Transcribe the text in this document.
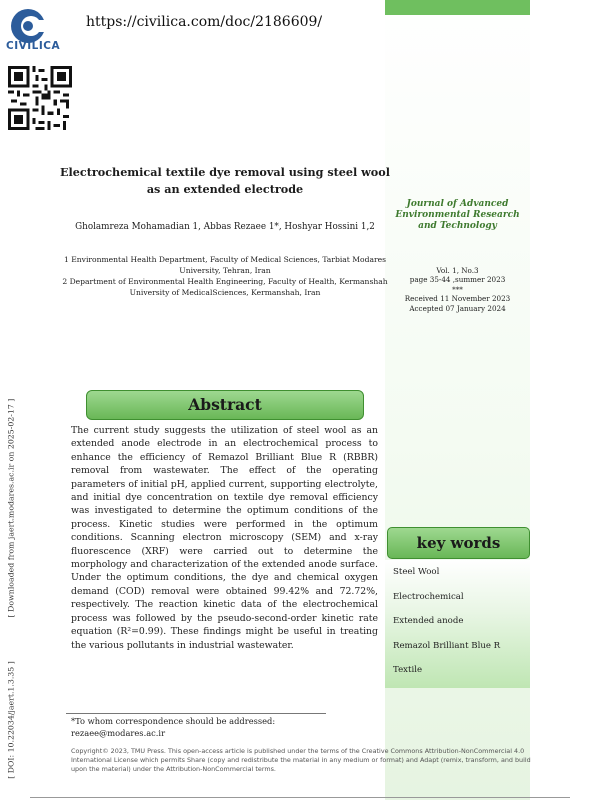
CIVILICA
https://civilica.com/doc/2186609/
Electrochemical textile dye removal using steel wool as an extended electrode
Gholamreza Mohamadian 1, Abbas Rezaee 1*, Hoshyar Hossini 1,2
1 Environmental Health Department, Faculty of Medical Sciences, Tarbiat Modares University, Tehran, Iran
2 Department of Environmental Health Engineering, Faculty of Health, Kermanshah University of MedicalSciences, Kermanshah, Iran
Journal of Advanced Environmental Research and Technology
Vol. 1, No.3
page 35-44 ,summer 2023
***
Received 11 November 2023
Accepted 07 January 2024
Abstract
The current study suggests the utilization of steel wool as an extended anode electrode in an electrochemical process to enhance the efficiency of Remazol Brilliant Blue R (RBBR) removal from wastewater. The effect of the operating parameters of initial pH, applied current, supporting electrolyte, and initial dye concentration on textile dye removal efficiency was investigated to determine the optimum conditions of the process. Kinetic studies were performed in the optimum conditions. Scanning electron microscopy (SEM) and x-ray fluorescence (XRF) were carried out to determine the morphology and characterization of the extended anode surface. Under the optimum conditions, the dye and chemical oxygen demand (COD) removal were obtained 99.42% and 72.72%, respectively. The reaction kinetic data of the electrochemical process was followed by the pseudo-second-order kinetic rate equation (R²=0.99). These findings might be useful in treating the various pollutants in industrial wastewater.
key words
Steel Wool
Electrochemical
Extended anode
Remazol Brilliant Blue R
Textile
[ Downloaded from jaert.modares.ac.ir on 2025-02-17 ]
[ DOI: 10.22034/jaert.1.3.35 ]	*To whom correspondence should be addressed:
rezaee@modares.ac.ir
Copyright© 2023, TMU Press. This open-access article is published under the terms of the Creative Commons Attribution-NonCommercial 4.0 International License which permits Share (copy and redistribute the material in any medium or format) and Adapt (remix, transform, and build upon the material) under the Attribution-NonCommercial terms.
